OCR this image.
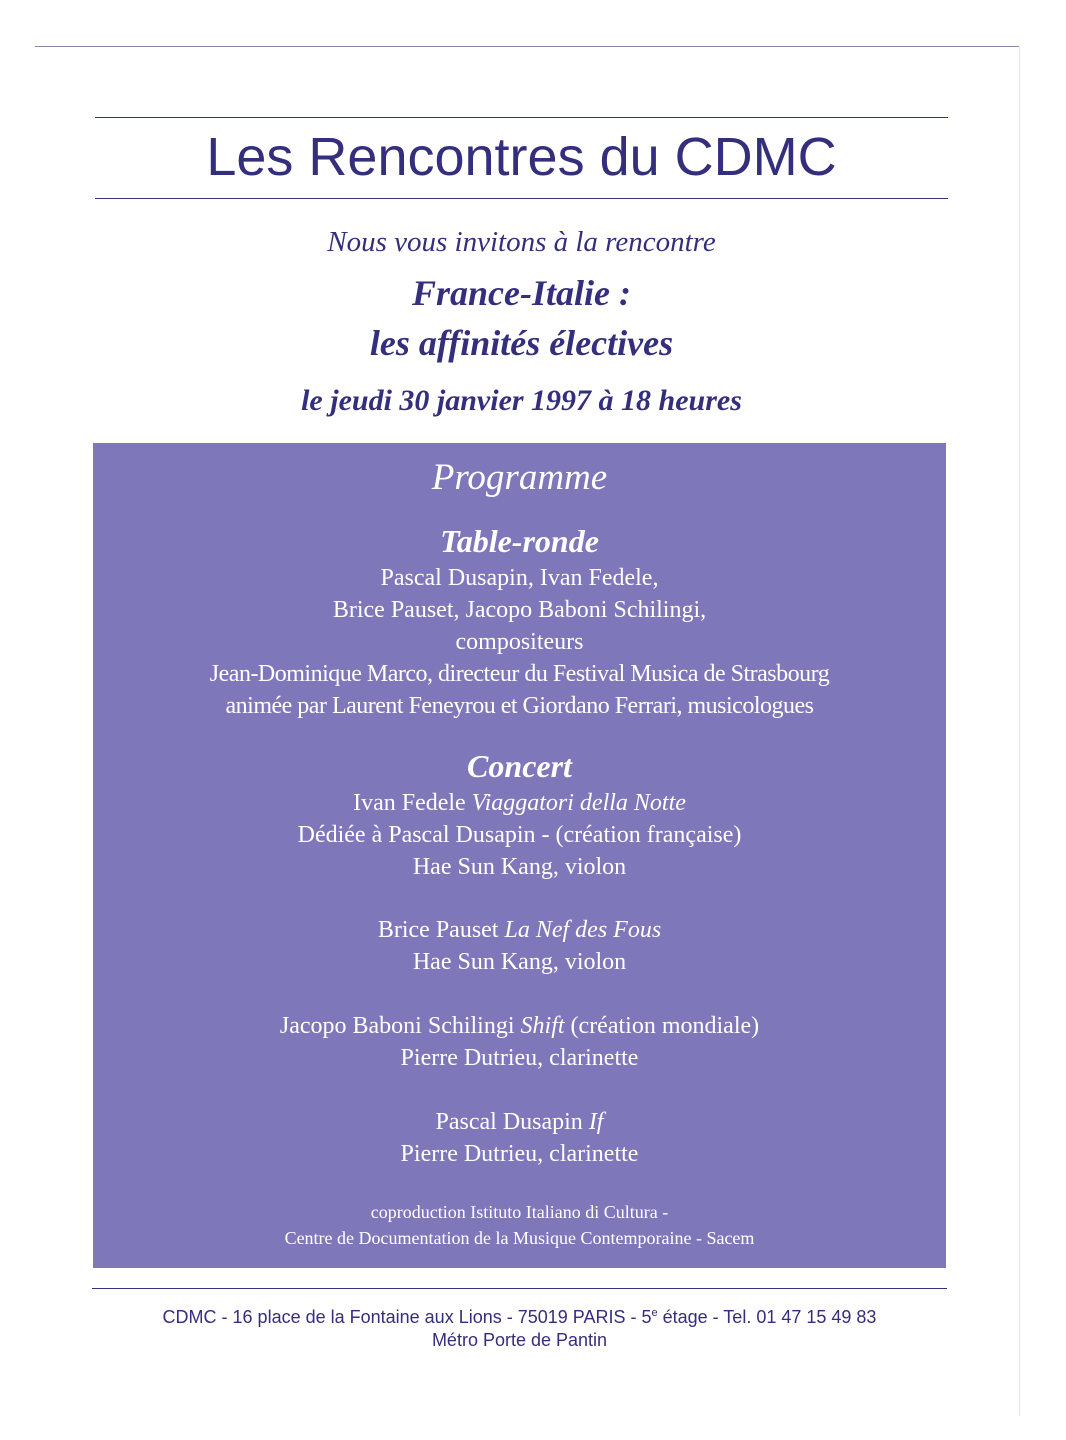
Les Rencontres du CDMC
Nous vous invitons à la rencontre
France-Italie :
les affinités électives
le jeudi 30 janvier 1997 à 18 heures
Programme
Table-ronde
Pascal Dusapin, Ivan Fedele,
Brice Pauset, Jacopo Baboni Schilingi,
compositeurs
Jean-Dominique Marco, directeur du Festival Musica de Strasbourg
animée par Laurent Feneyrou et Giordano Ferrari, musicologues
Concert
Ivan Fedele Viaggatori della Notte
Dédiée à Pascal Dusapin - (création française)
Hae Sun Kang, violon
Brice Pauset La Nef des Fous
Hae Sun Kang, violon
Jacopo Baboni Schilingi Shift (création mondiale)
Pierre Dutrieu, clarinette
Pascal Dusapin If
Pierre Dutrieu, clarinette
coproduction Istituto Italiano di Cultura -
Centre de Documentation de la Musique Contemporaine - Sacem
CDMC - 16 place de la Fontaine aux Lions - 75019 PARIS - 5e étage - Tel. 01 47 15 49 83
Métro Porte de Pantin
